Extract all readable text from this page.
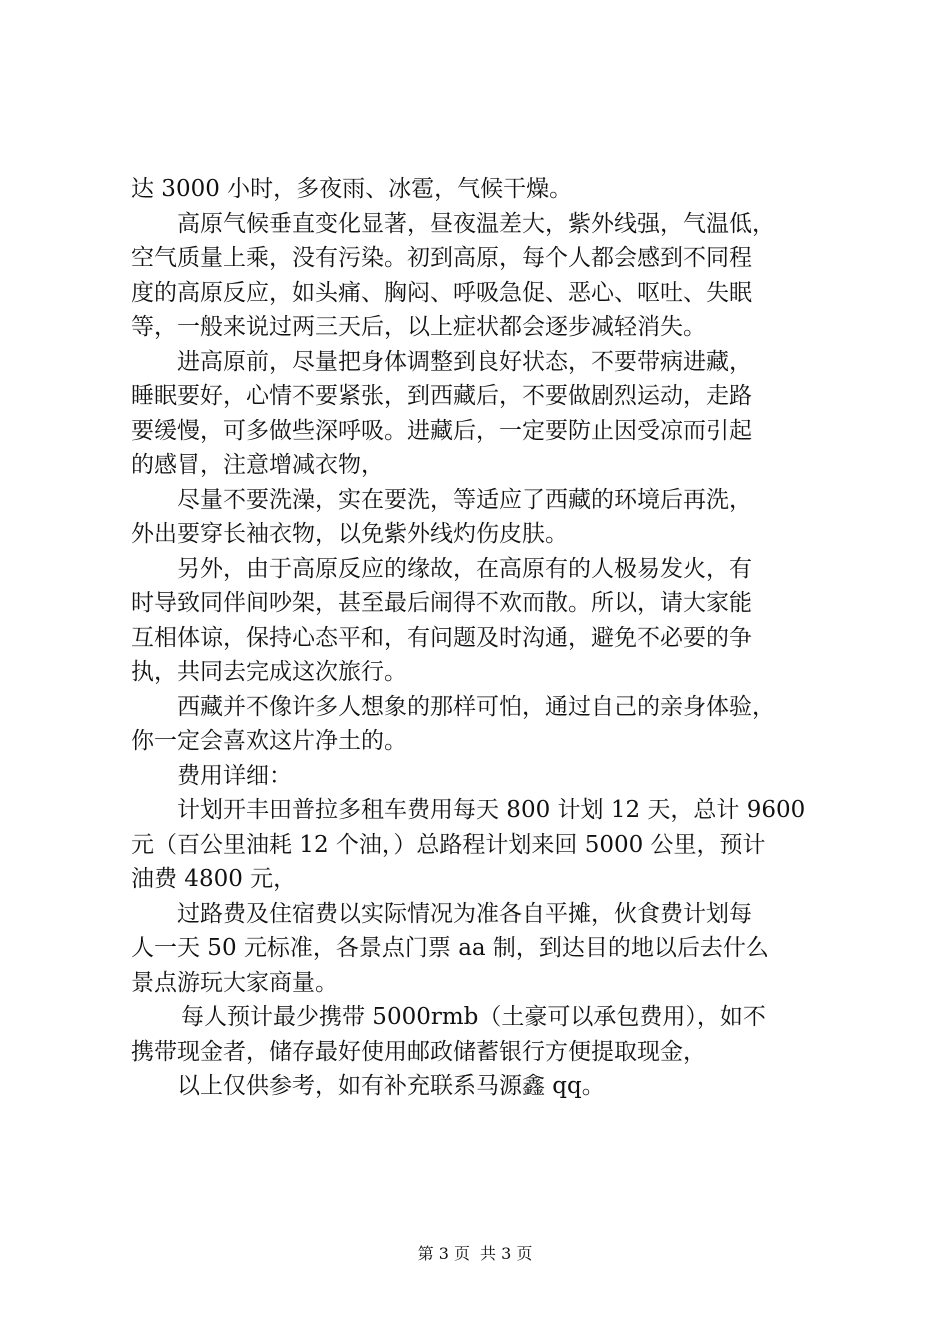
达 3000 小时，多夜雨、冰雹，气候干燥。
高原气候垂直变化显著，昼夜温差大，紫外线强，气温低，
空气质量上乘，没有污染。初到高原，每个人都会感到不同程
度的高原反应，如头痛、胸闷、呼吸急促、恶心、呕吐、失眠
等，一般来说过两三天后，以上症状都会逐步减轻消失。
进高原前，尽量把身体调整到良好状态，不要带病进藏，
睡眠要好，心情不要紧张，到西藏后，不要做剧烈运动，走路
要缓慢，可多做些深呼吸。进藏后，一定要防止因受凉而引起
的感冒，注意增减衣物，
尽量不要洗澡，实在要洗，等适应了西藏的环境后再洗，
外出要穿长袖衣物，以免紫外线灼伤皮肤。
另外，由于高原反应的缘故，在高原有的人极易发火，有
时导致同伴间吵架，甚至最后闹得不欢而散。所以，请大家能
互相体谅，保持心态平和，有问题及时沟通，避免不必要的争
执，共同去完成这次旅行。
西藏并不像许多人想象的那样可怕，通过自己的亲身体验，
你一定会喜欢这片净土的。
费用详细：
计划开丰田普拉多租车费用每天 800 计划 12 天，总计 9600
元（百公里油耗 12 个油，）总路程计划来回 5000 公里，预计
油费 4800 元，
过路费及住宿费以实际情况为准各自平摊，伙食费计划每
人一天 50 元标准，各景点门票 aa 制，到达目的地以后去什么
景点游玩大家商量。
每人预计最少携带 5000rmb（土豪可以承包费用），如不
携带现金者，储存最好使用邮政储蓄银行方便提取现金，
以上仅供参考，如有补充联系马源鑫 qq。
第 3 页 共 3 页
